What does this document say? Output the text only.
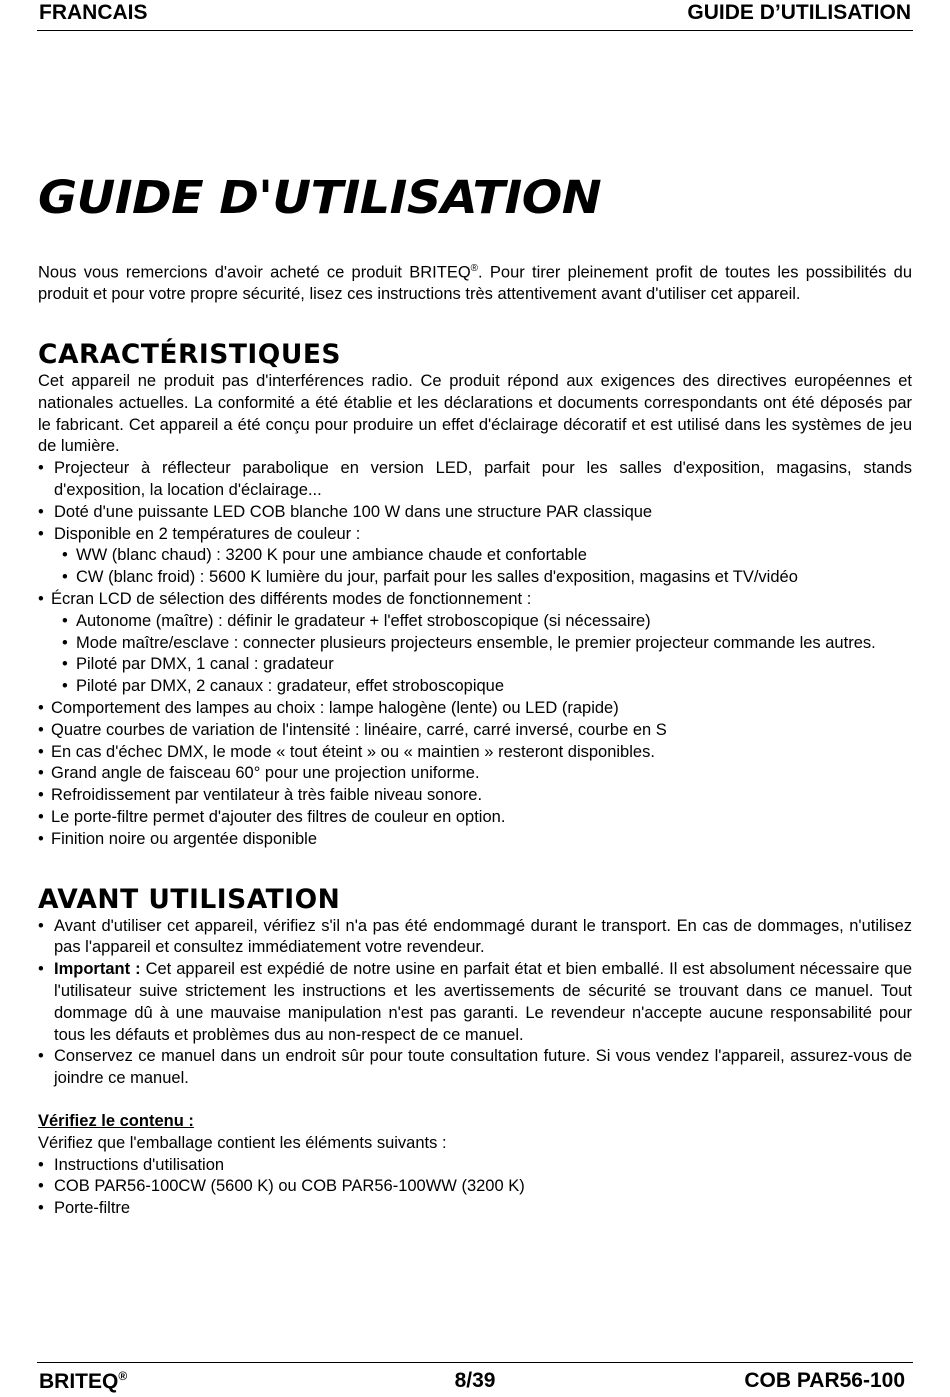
FRANCAIS	GUIDE D’UTILISATION
GUIDE D'UTILISATION

Nous vous remercions d'avoir acheté ce produit BRITEQ®. Pour tirer pleinement profit de toutes les possibilités du produit et pour votre propre sécurité, lisez ces instructions très attentivement avant d'utiliser cet appareil.

CARACTÉRISTIQUES

Cet appareil ne produit pas d'interférences radio. Ce produit répond aux exigences des directives européennes et nationales actuelles. La conformité a été établie et les déclarations et documents correspondants ont été déposés par le fabricant. Cet appareil a été conçu pour produire un effet d'éclairage décoratif et est utilisé dans les systèmes de jeu de lumière.

• Projecteur à réflecteur parabolique en version LED, parfait pour les salles d'exposition, magasins, stands d'exposition, la location d'éclairage...
• Doté d'une puissante LED COB blanche 100 W dans une structure PAR classique
• Disponible en 2 températures de couleur :
• WW (blanc chaud) : 3200 K pour une ambiance chaude et confortable
• CW (blanc froid) : 5600 K lumière du jour, parfait pour les salles d'exposition, magasins et TV/vidéo
• Écran LCD de sélection des différents modes de fonctionnement :
• Autonome (maître) : définir le gradateur + l'effet stroboscopique (si nécessaire)
• Mode maître/esclave : connecter plusieurs projecteurs ensemble, le premier projecteur commande les autres.
• Piloté par DMX, 1 canal : gradateur
• Piloté par DMX, 2 canaux : gradateur, effet stroboscopique
• Comportement des lampes au choix : lampe halogène (lente) ou LED (rapide)
• Quatre courbes de variation de l'intensité : linéaire, carré, carré inversé, courbe en S
• En cas d'échec DMX, le mode « tout éteint » ou « maintien » resteront disponibles.
• Grand angle de faisceau 60° pour une projection uniforme.
• Refroidissement par ventilateur à très faible niveau sonore.
• Le porte-filtre permet d'ajouter des filtres de couleur en option.
• Finition noire ou argentée disponible
AVANT UTILISATION
• Avant d'utiliser cet appareil, vérifiez s'il n'a pas été endommagé durant le transport. En cas de dommages, n'utilisez pas l'appareil et consultez immédiatement votre revendeur.
• Important : Cet appareil est expédié de notre usine en parfait état et bien emballé. Il est absolument nécessaire que l'utilisateur suive strictement les instructions et les avertissements de sécurité se trouvant dans ce manuel. Tout dommage dû à une mauvaise manipulation n'est pas garanti. Le revendeur n'accepte aucune responsabilité pour tous les défauts et problèmes dus au non-respect de ce manuel.
• Conservez ce manuel dans un endroit sûr pour toute consultation future. Si vous vendez l'appareil, assurez-vous de joindre ce manuel.
Vérifiez le contenu :
Vérifiez que l'emballage contient les éléments suivants :
• Instructions d'utilisation
• COB PAR56-100CW (5600 K) ou COB PAR56-100WW (3200 K)
• Porte-filtre
BRITEQ®	8/39	COB PAR56-100
